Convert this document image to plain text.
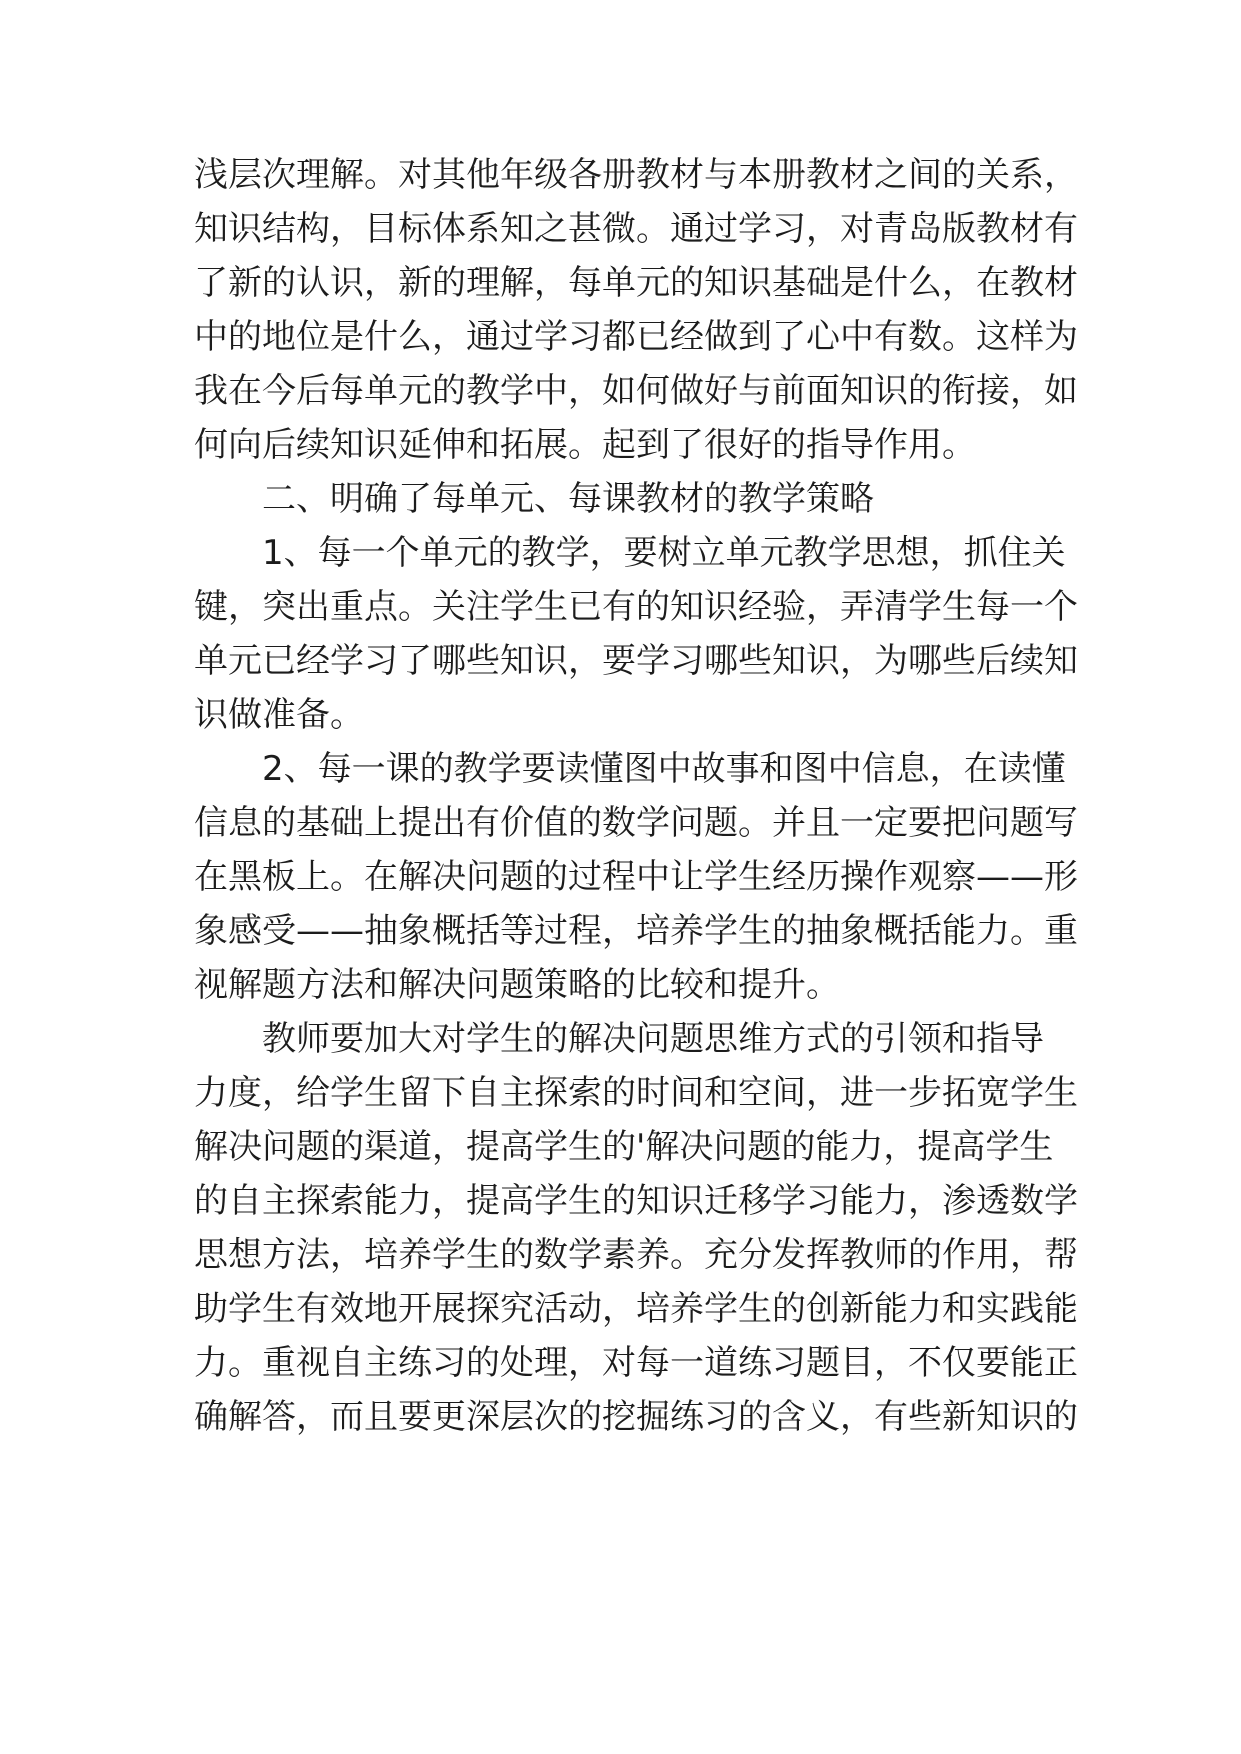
浅层次理解。对其他年级各册教材与本册教材之间的关系，
知识结构，目标体系知之甚微。通过学习，对青岛版教材有
了新的认识，新的理解，每单元的知识基础是什么，在教材
中的地位是什么，通过学习都已经做到了心中有数。这样为
我在今后每单元的教学中，如何做好与前面知识的衔接，如
何向后续知识延伸和拓展。起到了很好的指导作用。
二、明确了每单元、每课教材的教学策略
1、每一个单元的教学，要树立单元教学思想，抓住关
键，突出重点。关注学生已有的知识经验，弄清学生每一个
单元已经学习了哪些知识，要学习哪些知识，为哪些后续知
识做准备。
2、每一课的教学要读懂图中故事和图中信息，在读懂
信息的基础上提出有价值的数学问题。并且一定要把问题写
在黑板上。在解决问题的过程中让学生经历操作观察——形
象感受——抽象概括等过程，培养学生的抽象概括能力。重
视解题方法和解决问题策略的比较和提升。
教师要加大对学生的解决问题思维方式的引领和指导
力度，给学生留下自主探索的时间和空间，进一步拓宽学生
解决问题的渠道，提高学生的'解决问题的能力，提高学生
的自主探索能力，提高学生的知识迁移学习能力，渗透数学
思想方法，培养学生的数学素养。充分发挥教师的作用，帮
助学生有效地开展探究活动，培养学生的创新能力和实践能
力。重视自主练习的处理，对每一道练习题目，不仅要能正
确解答，而且要更深层次的挖掘练习的含义，有些新知识的
